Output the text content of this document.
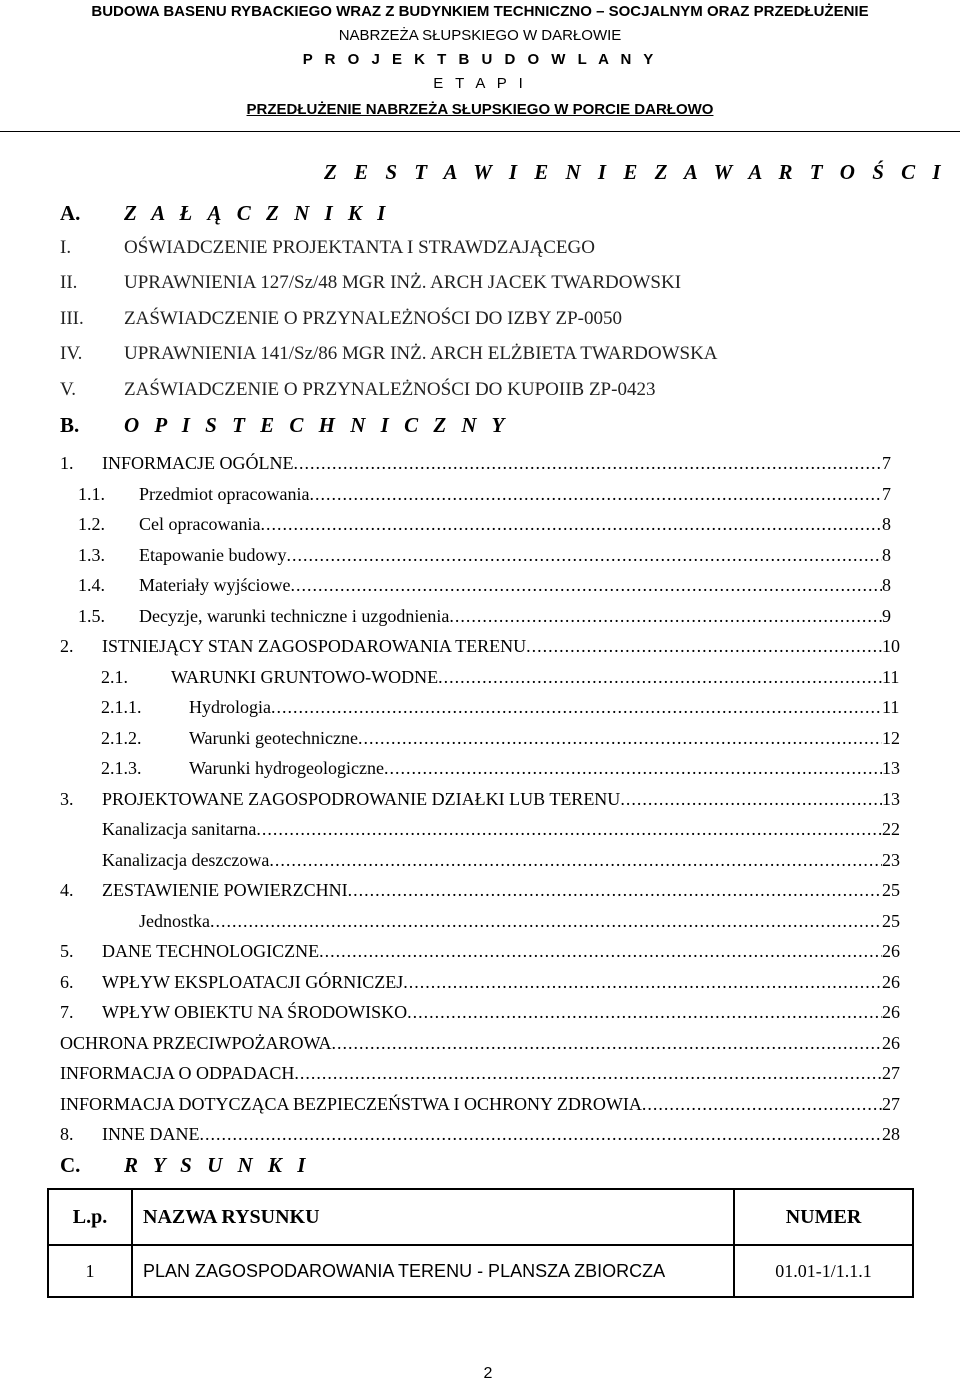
BUDOWA BASENU RYBACKIEGO WRAZ Z BUDYNKIEM TECHNICZNO – SOCJALNYM ORAZ PRZEDŁUŻENIE
NABRZEŻA SŁUPSKIEGO W DARŁOWIE
P R O J E K T B U D O W L A N Y
E T A P I
PRZEDŁUŻENIE NABRZEŻA SŁUPSKIEGO W PORCIE DARŁOWO
Z E S T A W I E N I E Z A W A R T O Ś C I
A. Z A Ł Ą C Z N I K I
I.	OŚWIADCZENIE PROJEKTANTA I STRAWDZAJĄCEGO
II. UPRAWNIENIA 127/Sz/48 MGR INŻ. ARCH JACEK TWARDOWSKI
III. ZAŚWIADCZENIE O PRZYNALEŻNOŚCI DO IZBY ZP-0050
IV. UPRAWNIENIA 141/Sz/86 MGR INŻ. ARCH ELŻBIETA TWARDOWSKA
V.	ZAŚWIADCZENIE O PRZYNALEŻNOŚCI DO KUPOIIB ZP-0423
B. O P I S T E C H N I C Z N Y
1. INFORMACJE OGÓLNE .....	7
1.1. Przedmiot opracowania .....	7
1.2. Cel opracowania .....	8
1.3. Etapowanie budowy .....	8
1.4. Materiały wyjściowe .....	8
1.5. Decyzje, warunki techniczne i uzgodnienia .....	9
2. ISTNIEJĄCY STAN ZAGOSPODAROWANIA TERENU .....	10
2.1. WARUNKI GRUNTOWO-WODNE .....	11
2.1.1.	Hydrologia .....	11
2.1.2.	Warunki geotechniczne .....	12
2.1.3.	Warunki hydrogeologiczne .....	13
3. PROJEKTOWANE ZAGOSPODROWANIE DZIAŁKI LUB TERENU .....	13
Kanalizacja sanitarna .....	22
Kanalizacja deszczowa .....	23
4. ZESTAWIENIE POWIERZCHNI .....	25
Jednostka .....	25
5. DANE TECHNOLOGICZNE .....	26
6. WPŁYW EKSPLOATACJI GÓRNICZEJ .....	26
7. WPŁYW OBIEKTU NA ŚRODOWISKO .....	26
OCHRONA PRZECIWPOŻAROWA .....	26
INFORMACJA O ODPADACH .....	27
INFORMACJA DOTYCZĄCA BEZPIECZEŃSTWA I OCHRONY ZDROWIA .....	27
8. INNE DANE .....	28
C. R Y S U N K I
L.p.	NAZWA RYSUNKU	NUMER
1	PLAN ZAGOSPODAROWANIA TERENU - PLANSZA ZBIORCZA	01.01-1/1.1.1
2
